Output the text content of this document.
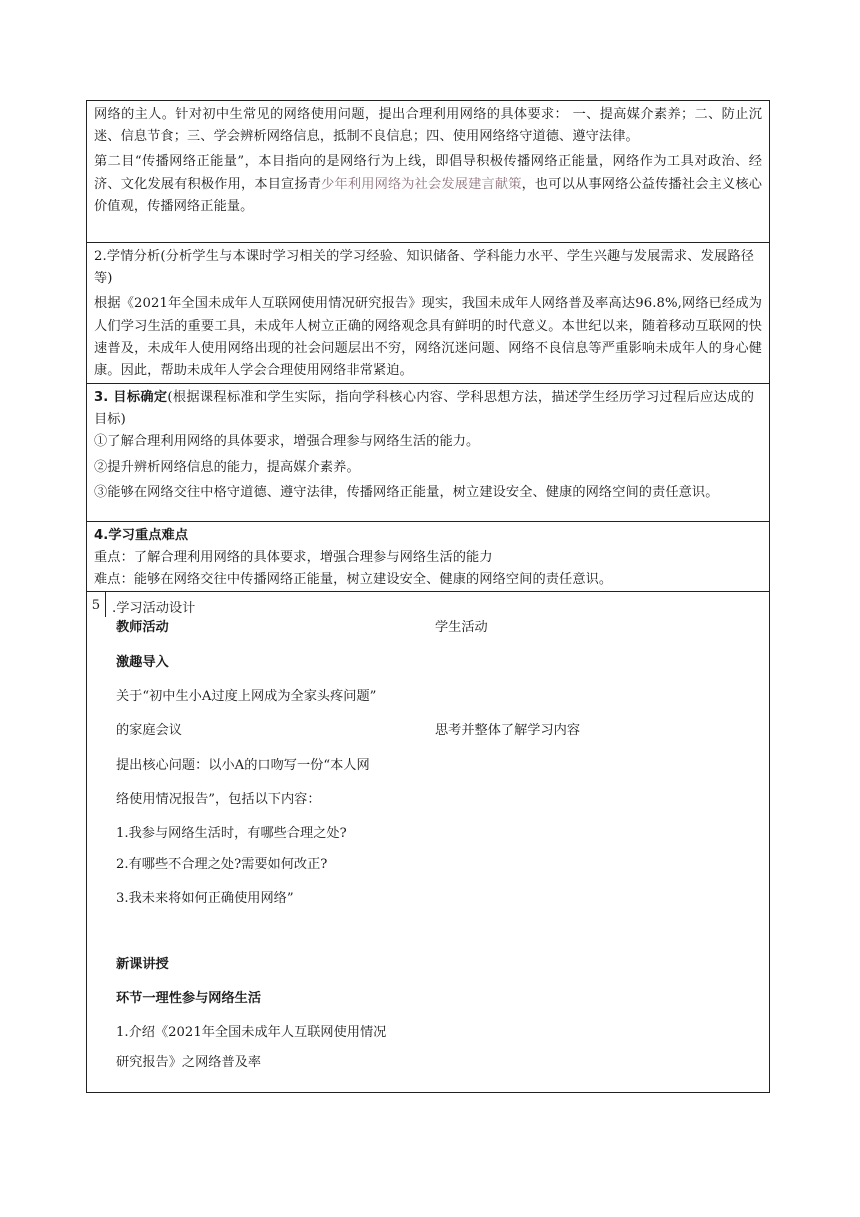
网络的主人。针对初中生常见的网络使用问题，提出合理利用网络的具体要求： 一、提高媒介素养；二、防止沉迷、信息节食；三、学会辨析网络信息，抵制不良信息；四、使用网络络守道德、遵守法律。

第二目“传播网络正能量”，本目指向的是网络行为上线，即倡导积极传播网络正能量，网络作为工具对政治、经济、文化发展有积极作用，本目宣扬青少年利用网络为社会发展建言献策，也可以从事网络公益传播社会主义核心价值观，传播网络正能量。

2.学情分析(分析学生与本课时学习相关的学习经验、知识储备、学科能力水平、学生兴趣与发展需求、发展路径等)

根据《2021年全国未成年人互联网使用情况研究报告》现实，我国未成年人网络普及率高达96.8%,网络已经成为人们学习生活的重要工具，未成年人树立正确的网络观念具有鲜明的时代意义。本世纪以来，随着移动互联网的快速普及，未成年人使用网络出现的社会问题层出不穷，网络沉迷问题、网络不良信息等严重影响未成年人的身心健康。因此，帮助未成年人学会合理使用网络非常紧迫。

3. 目标确定(根据课程标准和学生实际，指向学科核心内容、学科思想方法，描述学生经历学习过程后应达成的目标)

①了解合理利用网络的具体要求，增强合理参与网络生活的能力。

②提升辨析网络信息的能力，提高媒介素养。

③能够在网络交往中格守道德、遵守法律，传播网络正能量，树立建设安全、健康的网络空间的责任意识。

4.学习重点难点

重点：了解合理利用网络的具体要求，增强合理参与网络生活的能力

难点：能够在网络交往中传播网络正能量，树立建设安全、健康的网络空间的责任意识。

5 .学习活动设计
教师活动	学生活动
激趣导入
关于“初中生小A过度上网成为全家头疼问题”
的家庭会议	思考并整体了解学习内容
提出核心问题：以小A的口吻写一份“本人网
络使用情况报告”，包括以下内容：
1.我参与网络生活时，有哪些合理之处?
2.有哪些不合理之处?需要如何改正?
3.我未来将如何正确使用网络”
新课讲授
环节一理性参与网络生活
1.介绍《2021年全国未成年人互联网使用情况
研究报告》之网络普及率
